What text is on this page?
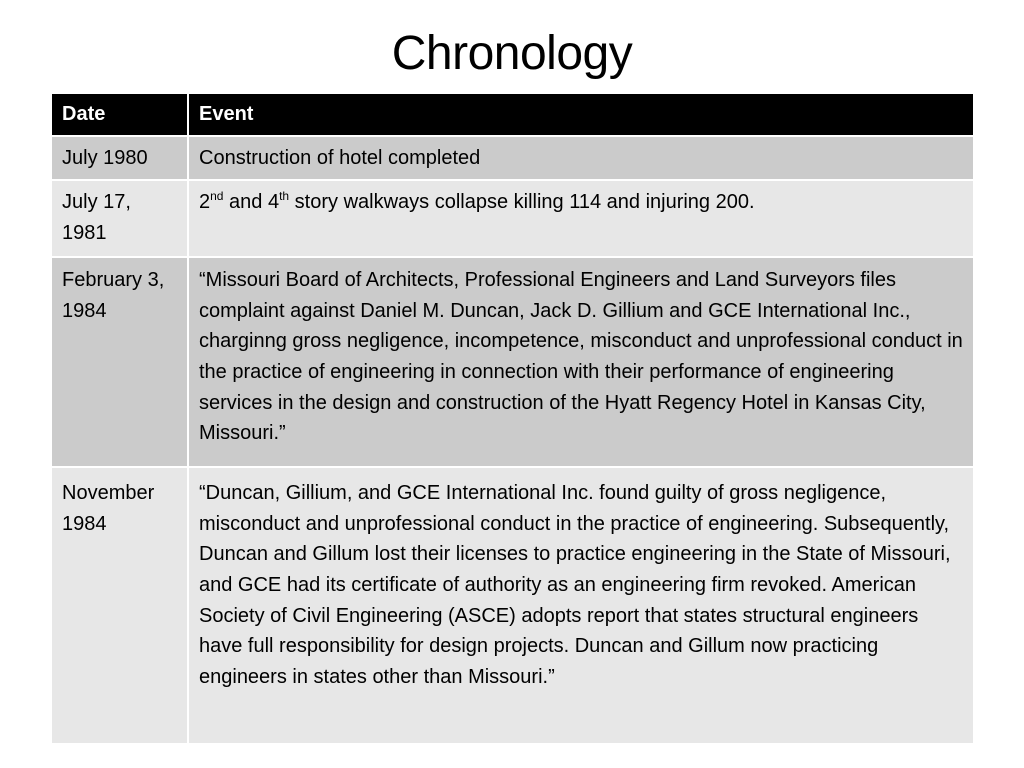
Chronology
Date	Event
July 1980	Construction of hotel completed
July 17, 1981	2nd and 4th story walkways collapse killing 114 and injuring 200.
February 3, 1984	“Missouri Board of Architects, Professional Engineers and Land Surveyors files complaint against Daniel M. Duncan, Jack D. Gillium and GCE International Inc., charginng gross negligence, incompetence, misconduct and unprofessional conduct in the practice of engineering in connection with their performance of engineering services in the design and construction of the Hyatt Regency Hotel in Kansas City, Missouri.”
November 1984	“Duncan, Gillium, and GCE International Inc. found guilty of gross negligence, misconduct and unprofessional conduct in the practice of engineering. Subsequently, Duncan and Gillum lost their licenses to practice engineering in the State of Missouri, and GCE had its certificate of authority as an engineering firm revoked. American Society of Civil Engineering (ASCE) adopts report that states structural engineers have full responsibility for design projects. Duncan and Gillum now practicing engineers in states other than Missouri.”
